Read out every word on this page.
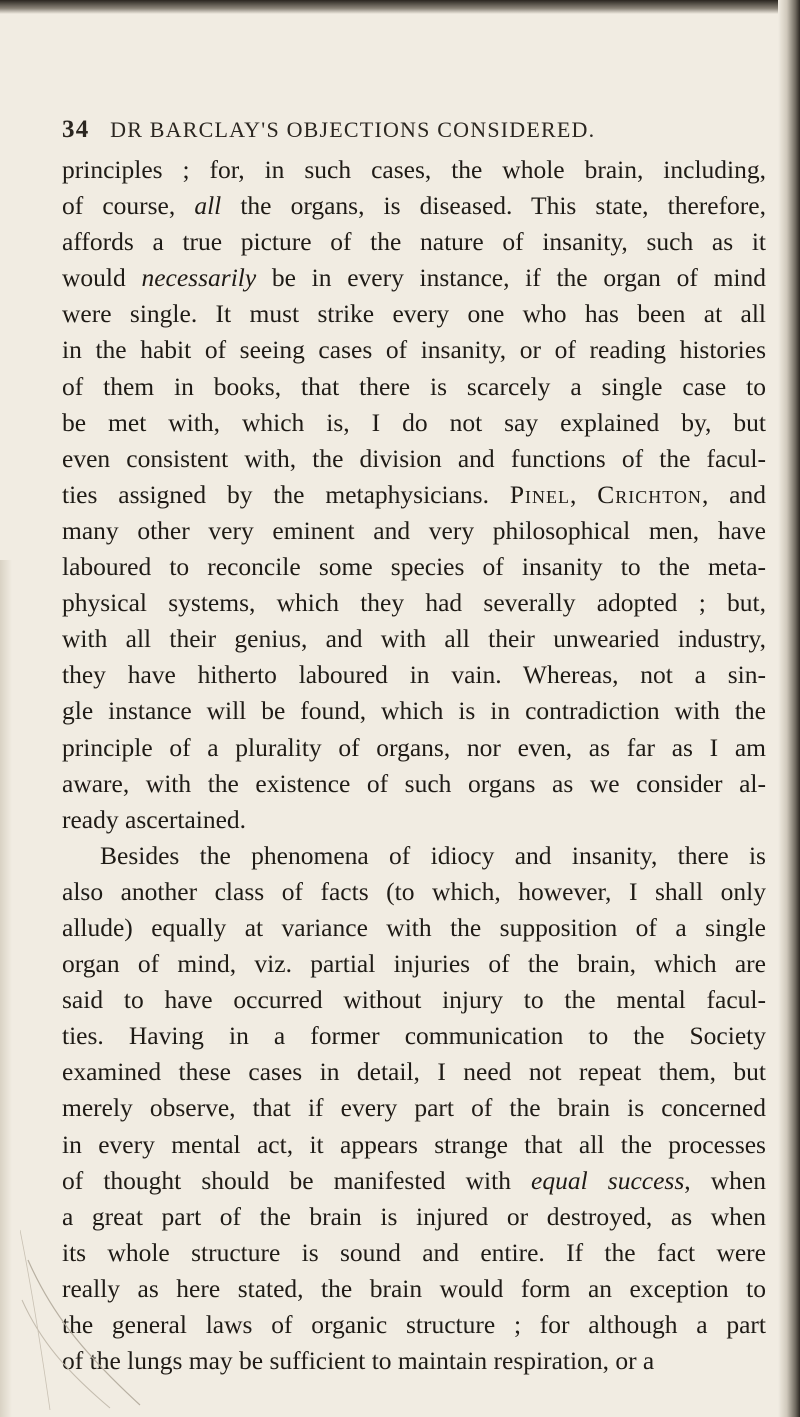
34 DR BARCLAY'S OBJECTIONS CONSIDERED.
principles ; for, in such cases, the whole brain, including,
of course, all the organs, is diseased. This state, therefore,
affords a true picture of the nature of insanity, such as it
would necessarily be in every instance, if the organ of mind
were single. It must strike every one who has been at all
in the habit of seeing cases of insanity, or of reading histories
of them in books, that there is scarcely a single case to
be met with, which is, I do not say explained by, but
even consistent with, the division and functions of the facul-
ties assigned by the metaphysicians. Pinel, Crichton, and
many other very eminent and very philosophical men, have
laboured to reconcile some species of insanity to the meta-
physical systems, which they had severally adopted ; but,
with all their genius, and with all their unwearied industry,
they have hitherto laboured in vain. Whereas, not a sin-
gle instance will be found, which is in contradiction with the
principle of a plurality of organs, nor even, as far as I am
aware, with the existence of such organs as we consider al-
ready ascertained.
Besides the phenomena of idiocy and insanity, there is
also another class of facts (to which, however, I shall only
allude) equally at variance with the supposition of a single
organ of mind, viz. partial injuries of the brain, which are
said to have occurred without injury to the mental facul-
ties. Having in a former communication to the Society
examined these cases in detail, I need not repeat them, but
merely observe, that if every part of the brain is concerned
in every mental act, it appears strange that all the processes
of thought should be manifested with equal success, when
a great part of the brain is injured or destroyed, as when
its whole structure is sound and entire. If the fact were
really as here stated, the brain would form an exception to
the general laws of organic structure ; for although a part
of the lungs may be sufficient to maintain respiration, or a
